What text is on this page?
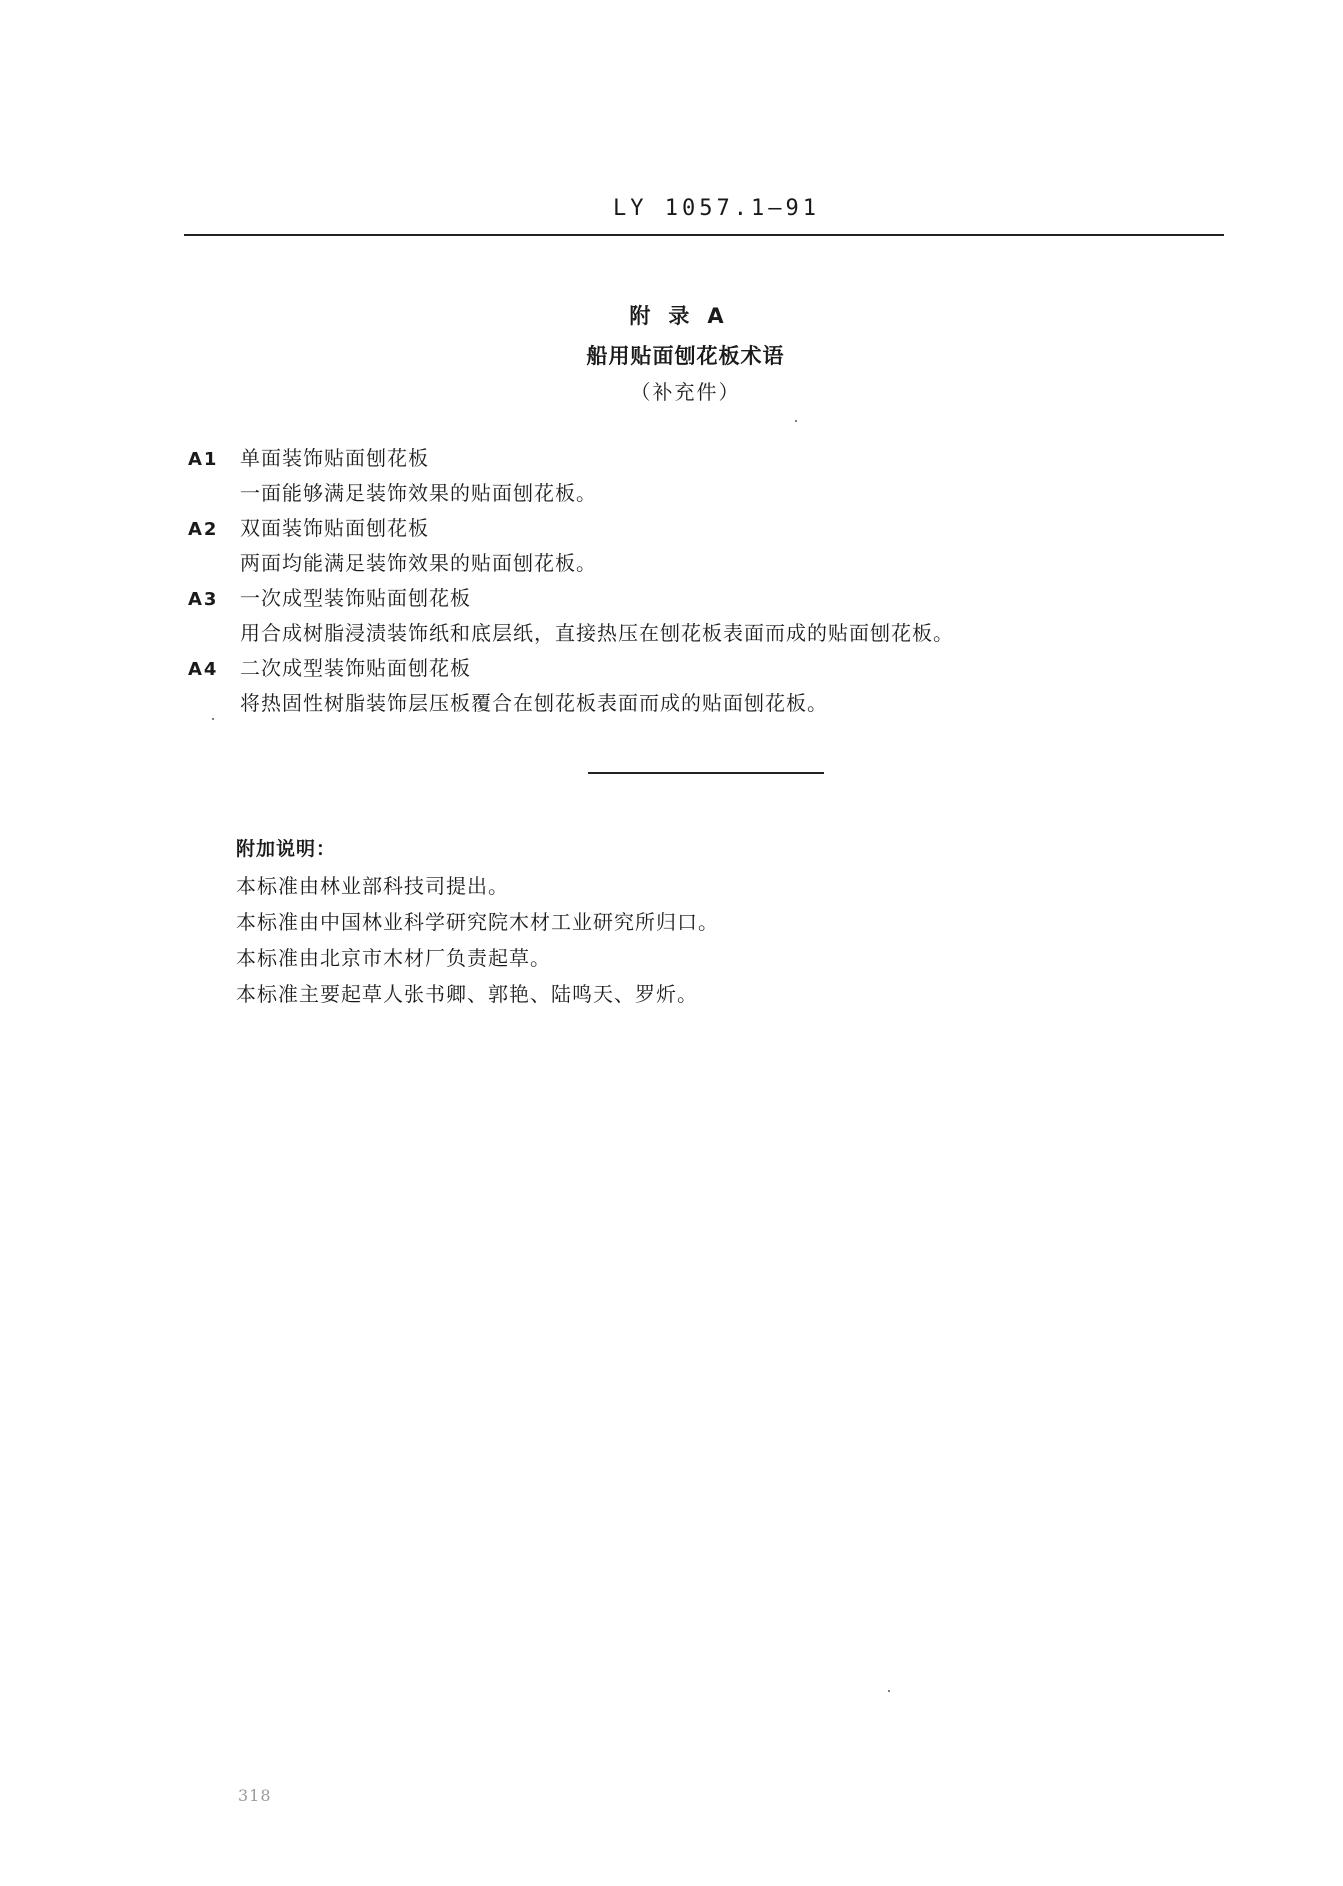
LY 1057.1—91
附录A
船用贴面刨花板术语
（补充件）
A1	单面装饰贴面刨花板
一面能够满足装饰效果的贴面刨花板。
A2	双面装饰贴面刨花板
两面均能满足装饰效果的贴面刨花板。
A3	一次成型装饰贴面刨花板
用合成树脂浸渍装饰纸和底层纸，直接热压在刨花板表面而成的贴面刨花板。
A4	二次成型装饰贴面刨花板
将热固性树脂装饰层压板覆合在刨花板表面而成的贴面刨花板。
附加说明：
本标准由林业部科技司提出。
本标准由中国林业科学研究院木材工业研究所归口。
本标准由北京市木材厂负责起草。
本标准主要起草人张书卿、郭艳、陆鸣天、罗炘。
318
